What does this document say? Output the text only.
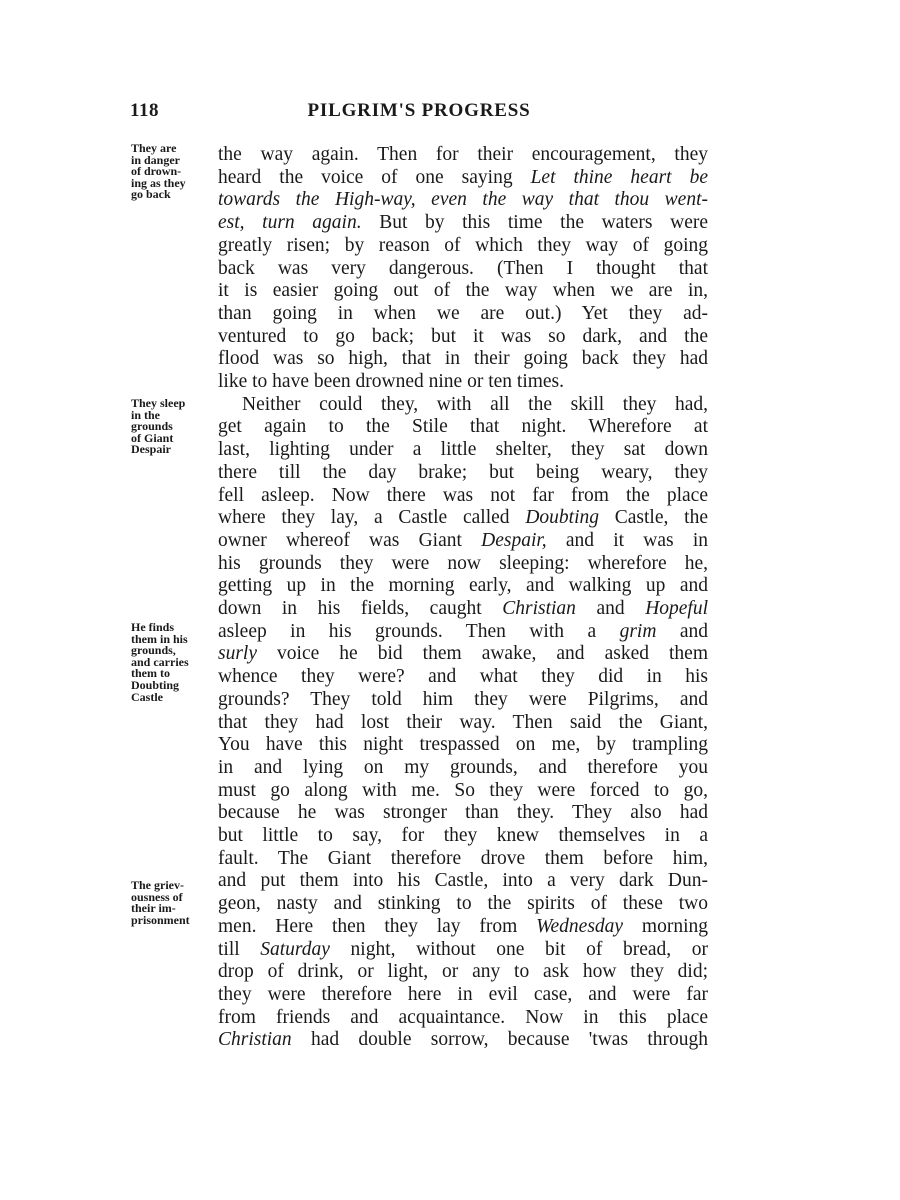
118	PILGRIM'S PROGRESS
They are
in danger
of drown-
ing as they
go back
They sleep
in the
grounds
of Giant
Despair
He finds
them in his
grounds,
and carries
them to
Doubting
Castle
The griev-
ousness of
their im-
prisonment
the way again. Then for their encouragement, they
heard the voice of one saying Let thine heart be
towards the High-way, even the way that thou went-
est, turn again. But by this time the waters were
greatly risen; by reason of which they way of going
back was very dangerous. (Then I thought that
it is easier going out of the way when we are in,
than going in when we are out.) Yet they ad-
ventured to go back; but it was so dark, and the
flood was so high, that in their going back they had
like to have been drowned nine or ten times.
Neither could they, with all the skill they had,
get again to the Stile that night. Wherefore at
last, lighting under a little shelter, they sat down
there till the day brake; but being weary, they
fell asleep. Now there was not far from the place
where they lay, a Castle called Doubting Castle, the
owner whereof was Giant Despair, and it was in
his grounds they were now sleeping: wherefore he,
getting up in the morning early, and walking up and
down in his fields, caught Christian and Hopeful
asleep in his grounds. Then with a grim and
surly voice he bid them awake, and asked them
whence they were? and what they did in his
grounds? They told him they were Pilgrims, and
that they had lost their way. Then said the Giant,
You have this night trespassed on me, by trampling
in and lying on my grounds, and therefore you
must go along with me. So they were forced to go,
because he was stronger than they. They also had
but little to say, for they knew themselves in a
fault. The Giant therefore drove them before him,
and put them into his Castle, into a very dark Dun-
geon, nasty and stinking to the spirits of these two
men. Here then they lay from Wednesday morning
till Saturday night, without one bit of bread, or
drop of drink, or light, or any to ask how they did;
they were therefore here in evil case, and were far
from friends and acquaintance. Now in this place
Christian had double sorrow, because 'twas through
